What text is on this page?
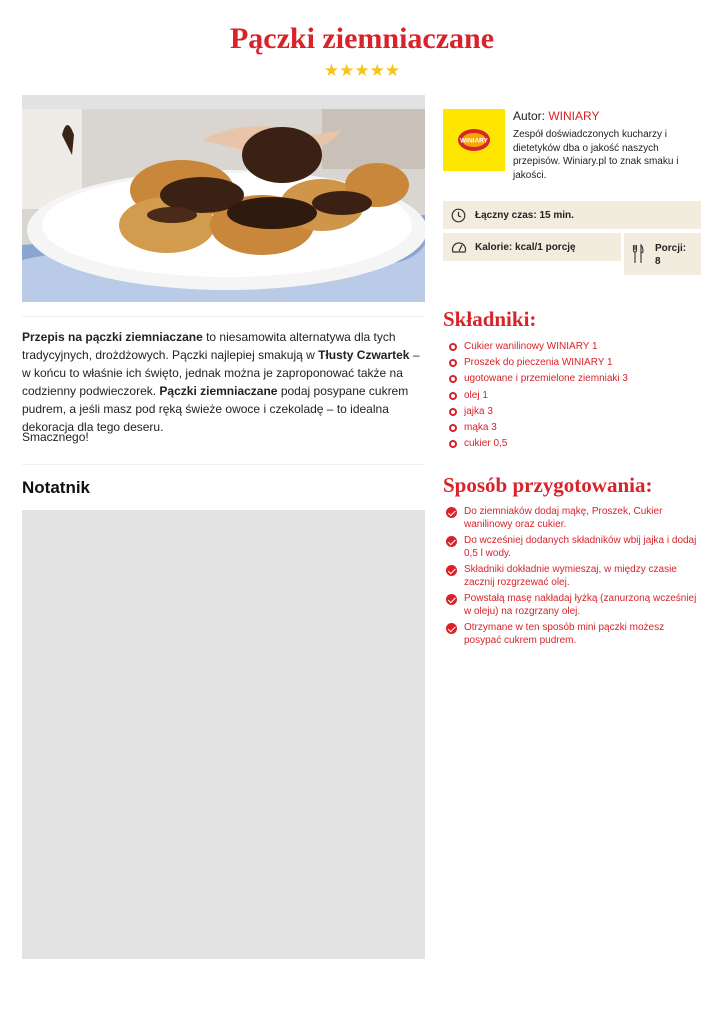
Pączki ziemniaczane
★★★★★

Przepis na pączki ziemniaczane to niesamowita alternatywa dla tych tradycyjnych, drożdżowych. Pączki najlepiej smakują w Tłusty Czwartek – w końcu to właśnie ich święto, jednak można je zaproponować także na codzienny podwieczorek. Pączki ziemniaczane podaj posypane cukrem pudrem, a jeśli masz pod ręką świeże owoce i czekoladę – to idealna dekoracja dla tego deseru.

Smacznego!
Notatnik
WINIARY
Autor: WINIARY

Zespół doświadczonych kucharzy i dietetyków dba o jakość naszych przepisów. Winiary.pl to znak smaku i jakości.

Łączny czas: 15 min.
Kalorie: kcal/1 porcję	Porcji:
8
Składniki:
Cukier wanilinowy WINIARY 1
Proszek do pieczenia WINIARY 1
ugotowane i przemielone ziemniaki 3
olej 1
jajka 3
mąka 3
cukier 0,5
Sposób przygotowania:
Do ziemniaków dodaj mąkę, Proszek, Cukier wanilinowy oraz cukier.
Do wcześniej dodanych składników wbij jajka i dodaj 0,5 l wody.
Składniki dokładnie wymieszaj, w między czasie zacznij rozgrzewać olej.
Powstałą masę nakładaj łyżką (zanurzoną wcześniej w oleju) na rozgrzany olej.
Otrzymane w ten sposób mini pączki możesz posypać cukrem pudrem.
